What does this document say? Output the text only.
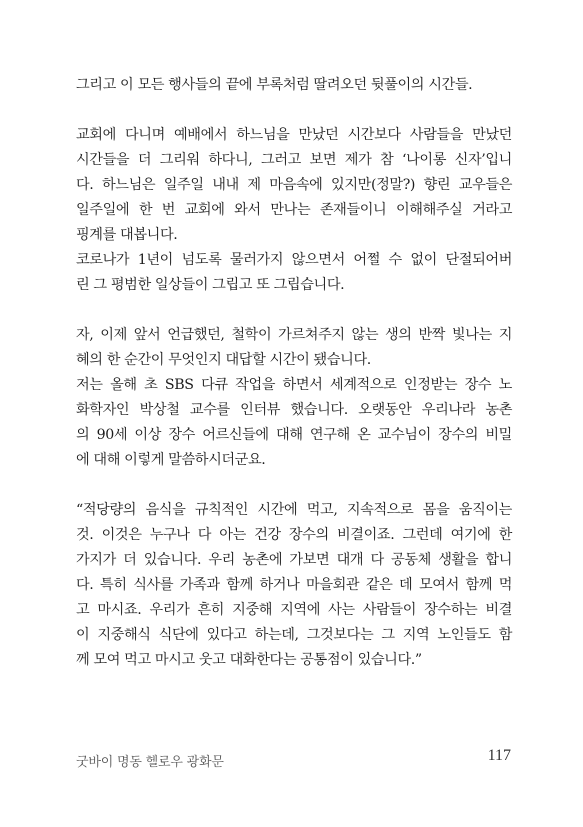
그리고 이 모든 행사들의 끝에 부록처럼 딸려오던 뒷풀이의 시간들.
교회에 다니며 예배에서 하느님을 만났던 시간보다 사람들을 만났던
시간들을 더 그리워 하다니, 그러고 보면 제가 참 ‘나이롱 신자’입니
다. 하느님은 일주일 내내 제 마음속에 있지만(정말?) 향린 교우들은
일주일에 한 번 교회에 와서 만나는 존재들이니 이해해주실 거라고
핑계를 대봅니다.
코로나가 1년이 넘도록 물러가지 않으면서 어쩔 수 없이 단절되어버
린 그 평범한 일상들이 그립고 또 그립습니다.
자, 이제 앞서 언급했던, 철학이 가르쳐주지 않는 생의 반짝 빛나는 지
혜의 한 순간이 무엇인지 대답할 시간이 됐습니다.
저는 올해 초 SBS 다큐 작업을 하면서 세계적으로 인정받는 장수 노
화학자인 박상철 교수를 인터뷰 했습니다. 오랫동안 우리나라 농촌
의 90세 이상 장수 어르신들에 대해 연구해 온 교수님이 장수의 비밀
에 대해 이렇게 말씀하시더군요.
“적당량의 음식을 규칙적인 시간에 먹고, 지속적으로 몸을 움직이는
것. 이것은 누구나 다 아는 건강 장수의 비결이죠. 그런데 여기에 한
가지가 더 있습니다. 우리 농촌에 가보면 대개 다 공동체 생활을 합니
다. 특히 식사를 가족과 함께 하거나 마을회관 같은 데 모여서 함께 먹
고 마시죠. 우리가 흔히 지중해 지역에 사는 사람들이 장수하는 비결
이 지중해식 식단에 있다고 하는데, 그것보다는 그 지역 노인들도 함
께 모여 먹고 마시고 웃고 대화한다는 공통점이 있습니다.”
굿바이 명동 헬로우 광화문	117
